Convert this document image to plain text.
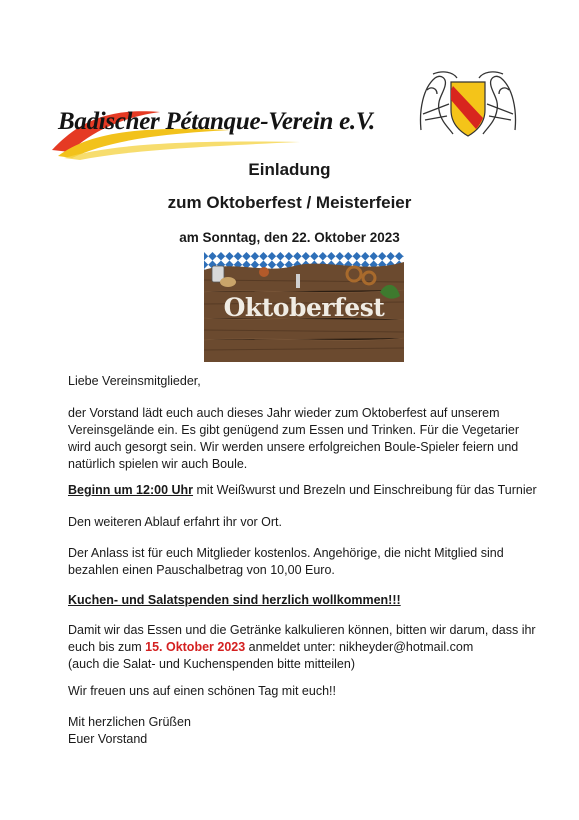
Badischer Pétanque-Verein e.V.
Einladung
zum Oktoberfest / Meisterfeier
am Sonntag, den 22. Oktober 2023
Oktoberfest
Liebe Vereinsmitglieder,
der Vorstand lädt euch auch dieses Jahr wieder zum Oktoberfest auf unserem
Vereinsgelände ein. Es gibt genügend zum Essen und Trinken. Für die Vegetarier
wird auch gesorgt sein. Wir werden unsere erfolgreichen Boule-Spieler feiern und
natürlich spielen wir auch Boule.
Beginn um 12:00 Uhr mit Weißwurst und Brezeln und Einschreibung für das Turnier
Den weiteren Ablauf erfahrt ihr vor Ort.
Der Anlass ist für euch Mitglieder kostenlos. Angehörige, die nicht Mitglied sind
bezahlen einen Pauschalbetrag von 10,00 Euro.
Kuchen- und Salatspenden sind herzlich wollkommen!!!
Damit wir das Essen und die Getränke kalkulieren können, bitten wir darum, dass ihr
euch bis zum 15. Oktober 2023 anmeldet unter: nikheyder@hotmail.com
(auch die Salat- und Kuchenspenden bitte mitteilen)
Wir freuen uns auf einen schönen Tag mit euch!!
Mit herzlichen Grüßen
Euer Vorstand
